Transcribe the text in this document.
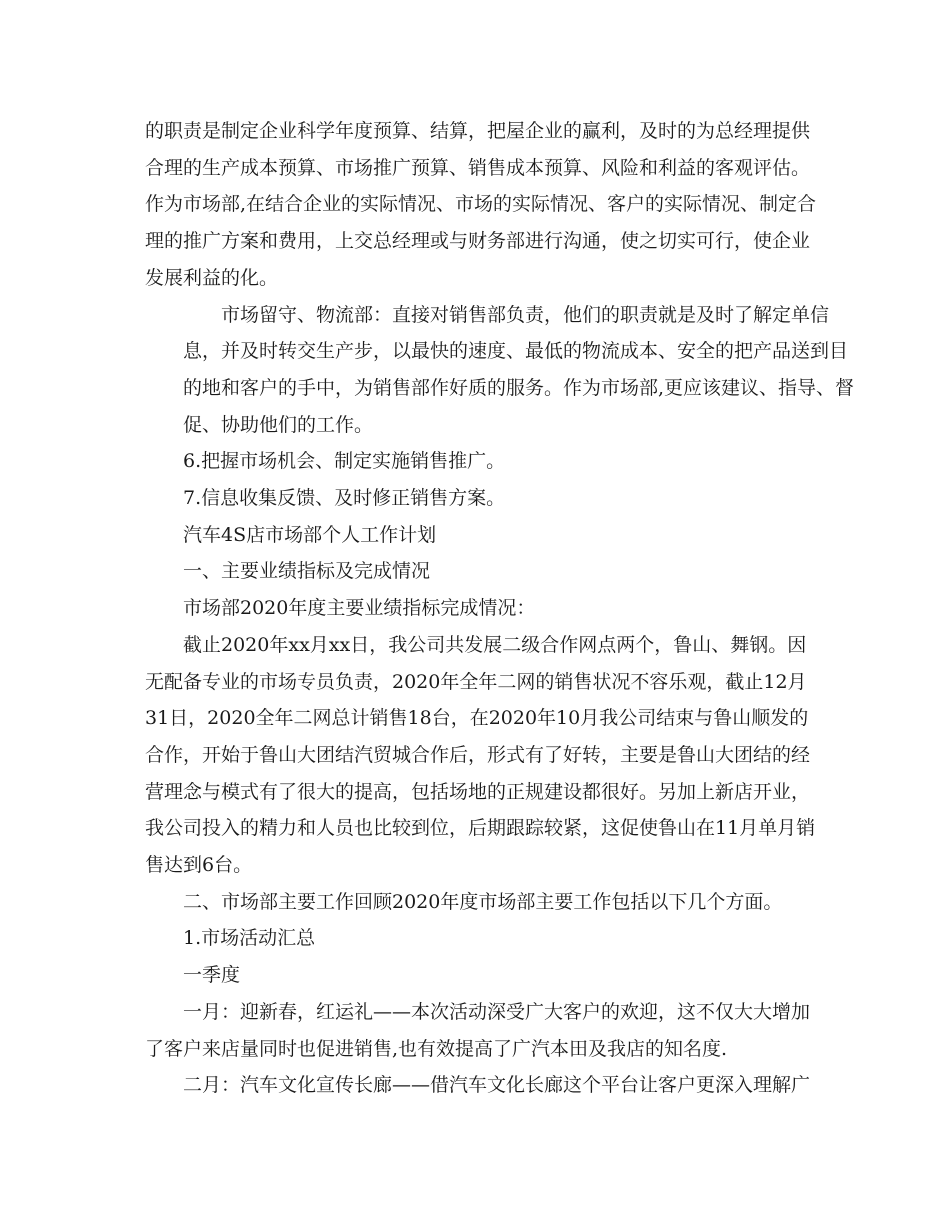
的职责是制定企业科学年度预算、结算，把屋企业的赢利，及时的为总经理提供
合理的生产成本预算、市场推广预算、销售成本预算、风险和利益的客观评估。
作为市场部,在结合企业的实际情况、市场的实际情况、客户的实际情况、制定合
理的推广方案和费用，上交总经理或与财务部进行沟通，使之切实可行，使企业
发展利益的化。
市场留守、物流部：直接对销售部负责，他们的职责就是及时了解定单信
息，并及时转交生产步，以最快的速度、最低的物流成本、安全的把产品送到目
的地和客户的手中，为销售部作好质的服务。作为市场部,更应该建议、指导、督
促、协助他们的工作。
6.把握市场机会、制定实施销售推广。
7.信息收集反馈、及时修正销售方案。
汽车4S店市场部个人工作计划
一、主要业绩指标及完成情况
市场部2020年度主要业绩指标完成情况：
截止2020年xx月xx日，我公司共发展二级合作网点两个，鲁山、舞钢。因
无配备专业的市场专员负责，2020年全年二网的销售状况不容乐观，截止12月
31日，2020全年二网总计销售18台，在2020年10月我公司结束与鲁山顺发的
合作，开始于鲁山大团结汽贸城合作后，形式有了好转，主要是鲁山大团结的经
营理念与模式有了很大的提高，包括场地的正规建设都很好。另加上新店开业，
我公司投入的精力和人员也比较到位，后期跟踪较紧，这促使鲁山在11月单月销
售达到6台。
二、市场部主要工作回顾2020年度市场部主要工作包括以下几个方面。
1.市场活动汇总
一季度
一月：迎新春，红运礼——本次活动深受广大客户的欢迎，这不仅大大增加
了客户来店量同时也促进销售,也有效提高了广汽本田及我店的知名度.
二月：汽车文化宣传长廊——借汽车文化长廊这个平台让客户更深入理解广
